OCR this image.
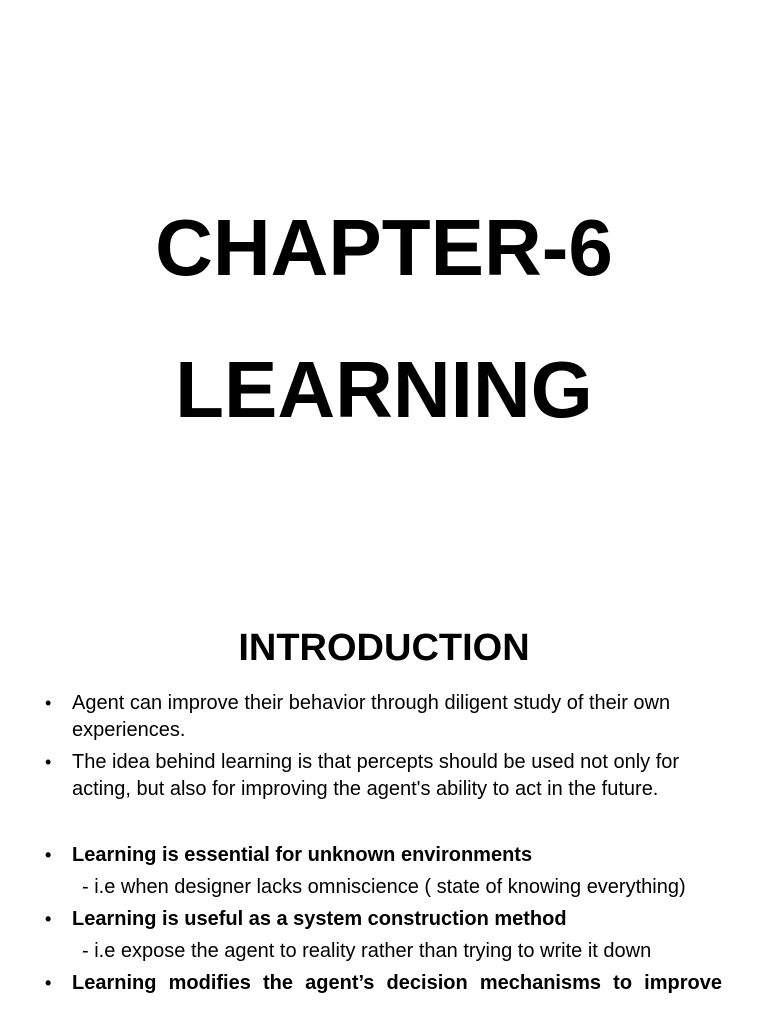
CHAPTER-6
LEARNING
INTRODUCTION
• Agent can improve their behavior through diligent study of their own experiences.
• The idea behind learning is that percepts should be used not only for acting, but also for improving the agent's ability to act in the future.
• Learning is essential for unknown environments
- i.e when designer lacks omniscience ( state of knowing everything)
• Learning is useful as a system construction method
- i.e expose the agent to reality rather than trying to write it down
• Learning modifies the agent’s decision mechanisms to improve
